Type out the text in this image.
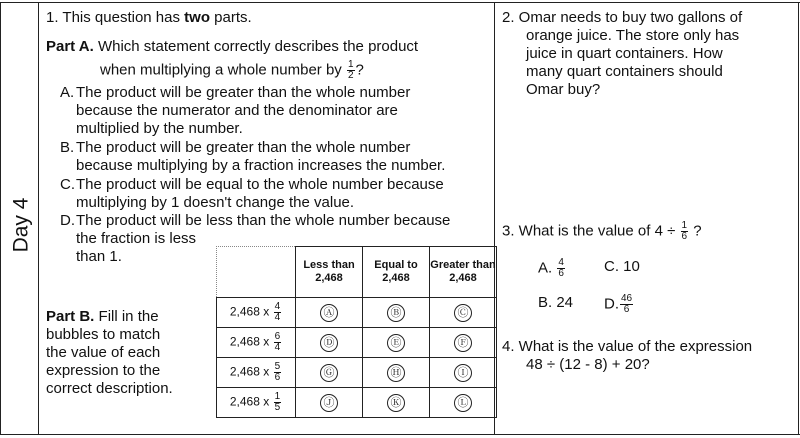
Day 4
1. This question has two parts.
Part A. Which statement correctly describes the product
when multiplying a whole number by $\frac{1}{2}$ ?
A. The product will be greater than the whole number
because the numerator and the denominator are
multiplied by the number.
B. The product will be greater than the whole number
because multiplying by a fraction increases the number.
C.The product will be equal to the whole number because
multiplying by 1 doesn't change the value.
D.The product will be less than the whole number because
the fraction is less
than 1.
Part B. Fill in the
bubbles to match
the value of each
expression to the
correct description.
	Less than 2,468	Equal to 2,468	Greater than 2,468
2,468 x $\frac{4}{4}$	Ⓐ	Ⓑ	Ⓒ
2,468 x $\frac{6}{4}$	Ⓓ	Ⓔ	Ⓕ
2,468 x $\frac{5}{6}$	Ⓖ	Ⓗ	Ⓘ
2,468 x $\frac{1}{5}$	Ⓙ	Ⓚ	Ⓛ
2. Omar needs to buy two gallons of
orange juice. The store only has
juice in quart containers. How
many quart containers should
Omar buy?
3. What is the value of $4 \div \frac{1}{6}$ ?
A. $\frac{4}{6}$	C. 10
B. 24 D. $\frac{46}{6}$
4. What is the value of the expression
48 ÷ (12 - 8) + 20?
